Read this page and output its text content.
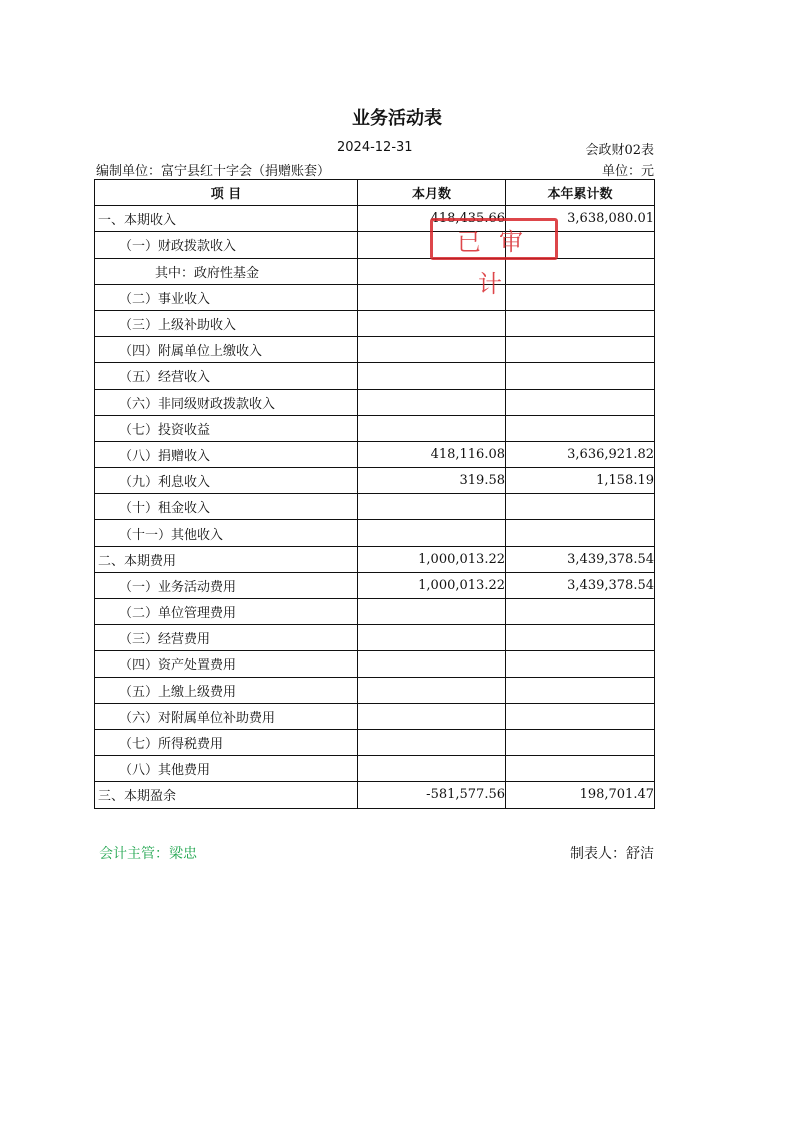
业务活动表
2024-12-31	会政财02表
编制单位：富宁县红十字会（捐赠账套）	单位：元
项 目	本月数	本年累计数
一、本期收入	418,435.66	3,638,080.01
（一）财政拨款收入		
其中：政府性基金		
（二）事业收入		
（三）上级补助收入		
（四）附属单位上缴收入		
（五）经营收入		
（六）非同级财政拨款收入		
（七）投资收益		
（八）捐赠收入	418,116.08	3,636,921.82
（九）利息收入	319.58	1,158.19
（十）租金收入		
（十一）其他收入		
二、本期费用	1,000,013.22	3,439,378.54
（一）业务活动费用	1,000,013.22	3,439,378.54
（二）单位管理费用		
（三）经营费用		
（四）资产处置费用		
（五）上缴上级费用		
（六）对附属单位补助费用		
（七）所得税费用		
（八）其他费用		
三、本期盈余	-581,577.56	198,701.47
已审计
会计主管：梁忠	制表人：舒洁
